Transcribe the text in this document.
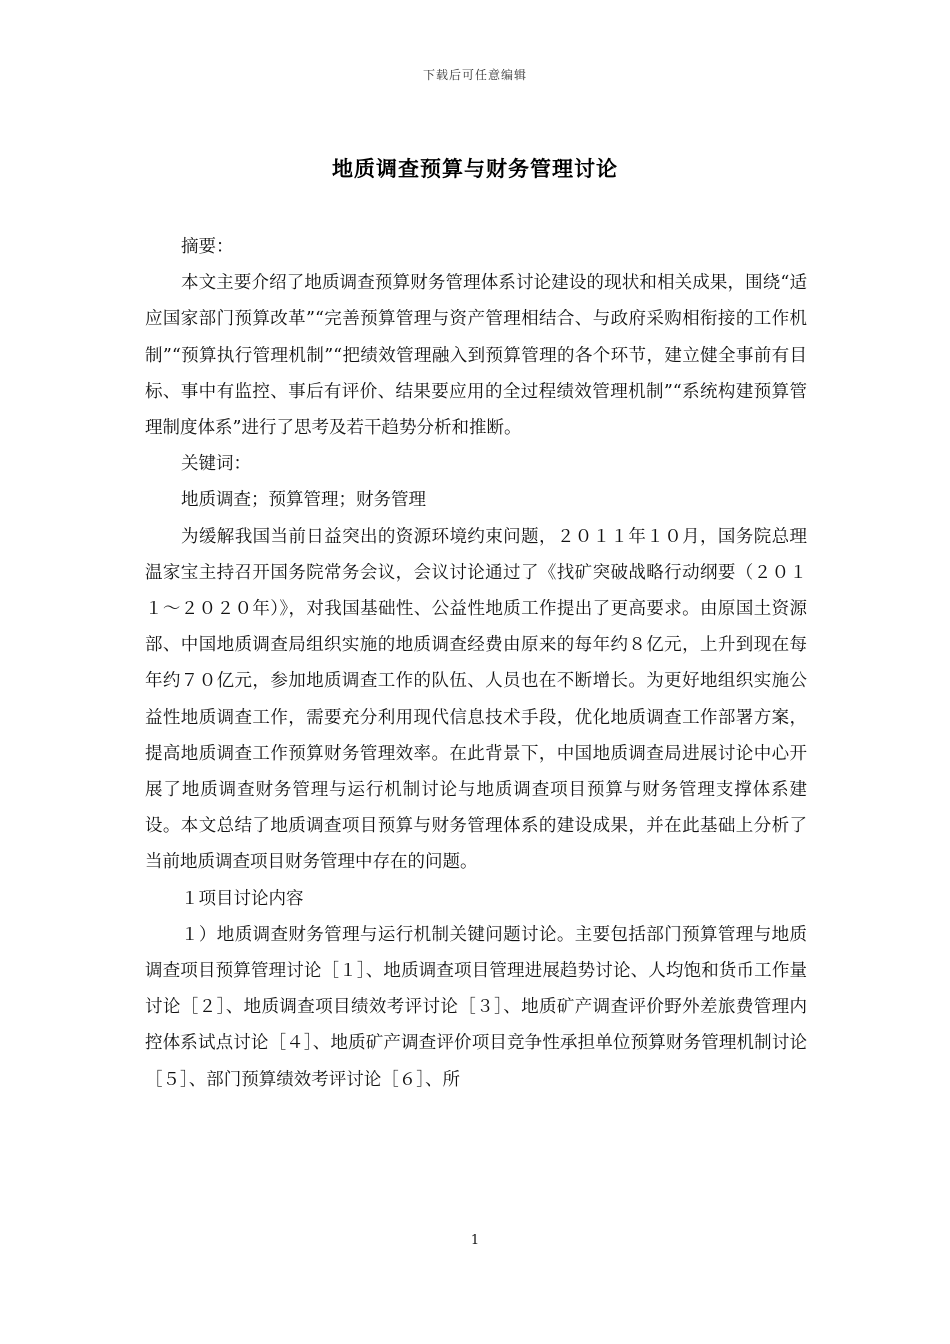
下载后可任意编辑
地质调查预算与财务管理讨论

摘要：

本文主要介绍了地质调查预算财务管理体系讨论建设的现状和相关成果，围绕“适应国家部门预算改革”“完善预算管理与资产管理相结合、与政府采购相衔接的工作机制”“预算执行管理机制”“把绩效管理融入到预算管理的各个环节，建立健全事前有目标、事中有监控、事后有评价、结果要应用的全过程绩效管理机制”“系统构建预算管理制度体系”进行了思考及若干趋势分析和推断。

关键词：

地质调查；预算管理；财务管理

为缓解我国当前日益突出的资源环境约束问题，２０１１年１０月，国务院总理温家宝主持召开国务院常务会议，会议讨论通过了《找矿突破战略行动纲要（２０１１～２０２０年）》，对我国基础性、公益性地质工作提出了更高要求。由原国土资源部、中国地质调查局组织实施的地质调查经费由原来的每年约８亿元，上升到现在每年约７０亿元，参加地质调查工作的队伍、人员也在不断增长。为更好地组织实施公益性地质调查工作，需要充分利用现代信息技术手段，优化地质调查工作部署方案，提高地质调查工作预算财务管理效率。在此背景下，中国地质调查局进展讨论中心开展了地质调查财务管理与运行机制讨论与地质调查项目预算与财务管理支撑体系建设。本文总结了地质调查项目预算与财务管理体系的建设成果，并在此基础上分析了当前地质调查项目财务管理中存在的问题。

１项目讨论内容

１）地质调查财务管理与运行机制关键问题讨论。主要包括部门预算管理与地质调查项目预算管理讨论［１］、地质调查项目管理进展趋势讨论、人均饱和货币工作量讨论［２］、地质调查项目绩效考评讨论［３］、地质矿产调查评价野外差旅费管理内控体系试点讨论［４］、地质矿产调查评价项目竞争性承担单位预算财务管理机制讨论［５］、部门预算绩效考评讨论［６］、所

1
